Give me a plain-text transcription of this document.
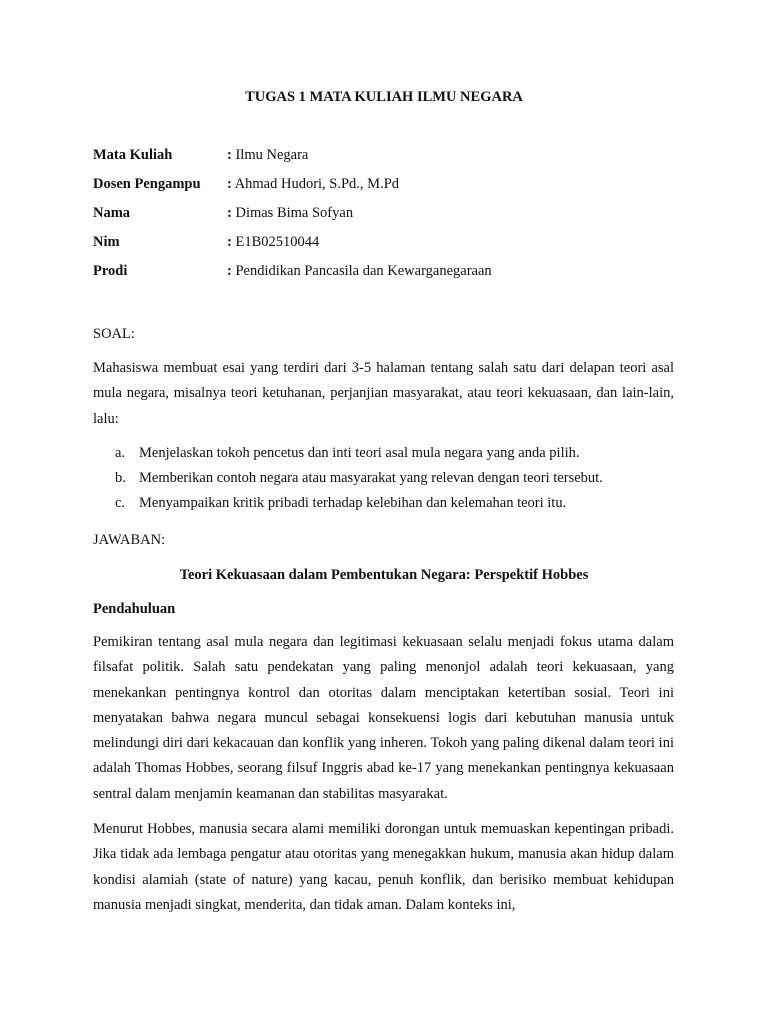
TUGAS 1 MATA KULIAH ILMU NEGARA
Mata Kuliah	: Ilmu Negara
Dosen Pengampu : Ahmad Hudori, S.Pd., M.Pd
Nama	: Dimas Bima Sofyan
Nim	: E1B02510044
Prodi	: Pendidikan Pancasila dan Kewarganegaraan
SOAL:

Mahasiswa membuat esai yang terdiri dari 3-5 halaman tentang salah satu dari delapan teori asal mula negara, misalnya teori ketuhanan, perjanjian masyarakat, atau teori kekuasaan, dan lain-lain, lalu:

a. Menjelaskan tokoh pencetus dan inti teori asal mula negara yang anda pilih.
b. Memberikan contoh negara atau masyarakat yang relevan dengan teori tersebut.
c. Menyampaikan kritik pribadi terhadap kelebihan dan kelemahan teori itu.
JAWABAN:
Teori Kekuasaan dalam Pembentukan Negara: Perspektif Hobbes
Pendahuluan

Pemikiran tentang asal mula negara dan legitimasi kekuasaan selalu menjadi fokus utama dalam filsafat politik. Salah satu pendekatan yang paling menonjol adalah teori kekuasaan, yang menekankan pentingnya kontrol dan otoritas dalam menciptakan ketertiban sosial. Teori ini menyatakan bahwa negara muncul sebagai konsekuensi logis dari kebutuhan manusia untuk melindungi diri dari kekacauan dan konflik yang inheren. Tokoh yang paling dikenal dalam teori ini adalah Thomas Hobbes, seorang filsuf Inggris abad ke-17 yang menekankan pentingnya kekuasaan sentral dalam menjamin keamanan dan stabilitas masyarakat.

Menurut Hobbes, manusia secara alami memiliki dorongan untuk memuaskan kepentingan pribadi. Jika tidak ada lembaga pengatur atau otoritas yang menegakkan hukum, manusia akan hidup dalam kondisi alamiah (state of nature) yang kacau, penuh konflik, dan berisiko membuat kehidupan manusia menjadi singkat, menderita, dan tidak aman. Dalam konteks ini,
